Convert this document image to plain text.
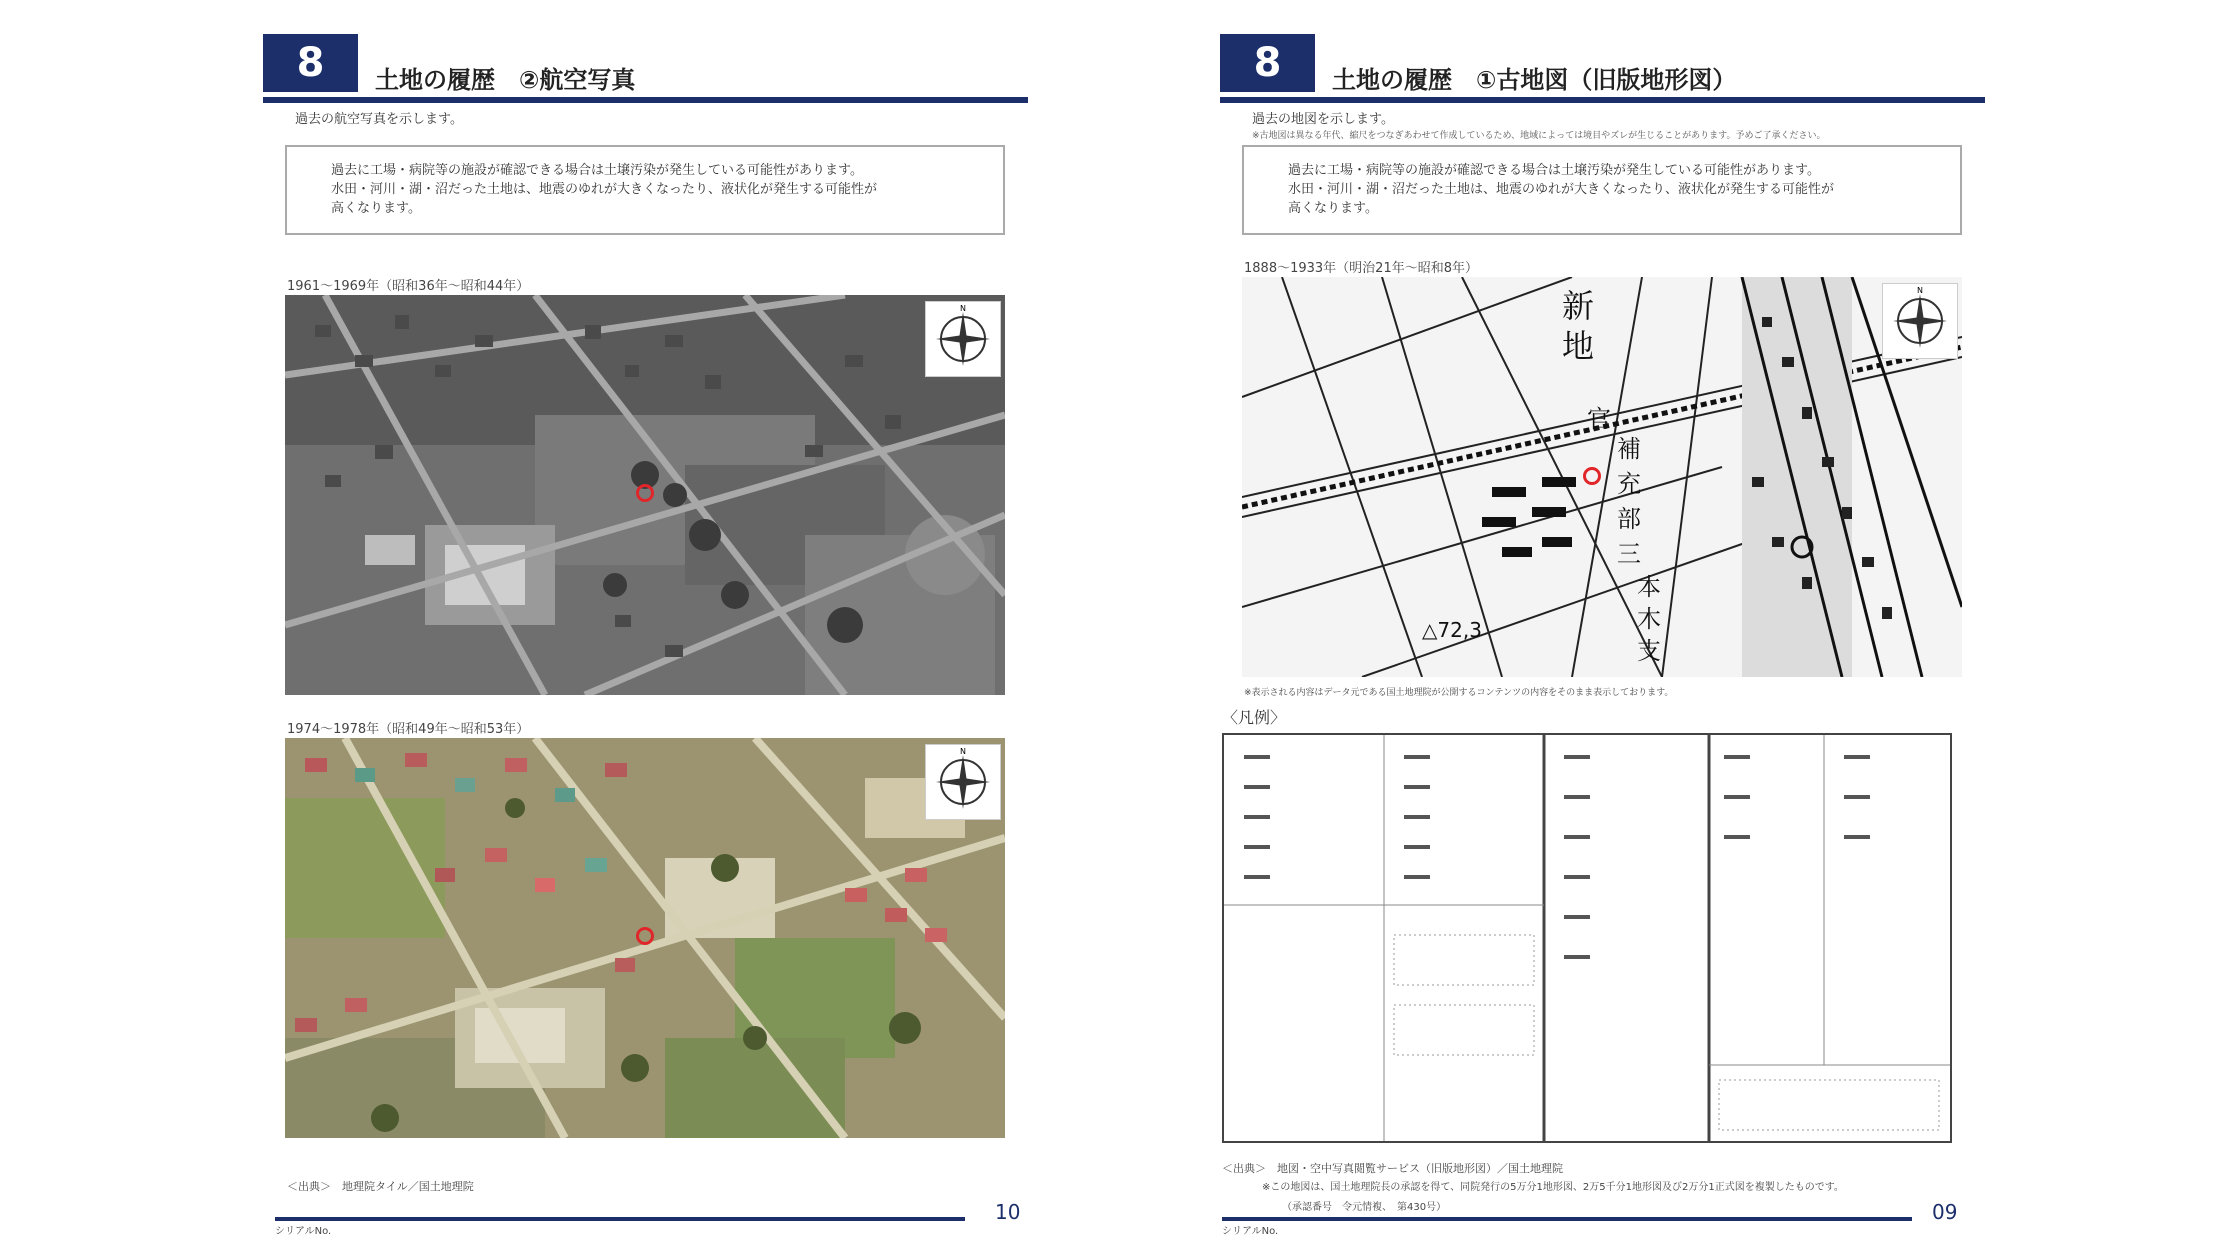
8	土地の履歴　②航空写真
過去の航空写真を示します。
過去に工場・病院等の施設が確認できる場合は土壌汚染が発生している可能性があります。
水田・河川・湖・沼だった土地は、地震のゆれが大きくなったり、液状化が発生する可能性が
高くなります。
1961～1969年（昭和36年～昭和44年）
N
1974～1978年（昭和49年～昭和53年）
N
＜出典＞　地理院タイル／国土地理院
10
シリアルNo.
8	土地の履歴　①古地図（旧版地形図）
過去の地図を示します。
※古地図は異なる年代、縮尺をつなぎあわせて作成しているため、地域によっては境目やズレが生じることがあります。予めご了承ください。
過去に工場・病院等の施設が確認できる場合は土壌汚染が発生している可能性があります。
水田・河川・湖・沼だった土地は、地震のゆれが大きくなったり、液状化が発生する可能性が
高くなります。
1888～1933年（明治21年～昭和8年）
新
地
官
補
充
部
三
本
木
支
△72,3
N
※表示される内容はデータ元である国土地理院が公開するコンテンツの内容をそのまま表示しております。
〈凡例〉
＜出典＞　地図・空中写真閲覧サービス（旧版地形図）／国土地理院
※この地図は、国土地理院長の承認を得て、同院発行の5万分1地形図、2万5千分1地形図及び2万分1正式図を複製したものです。
（承認番号　令元情複、　第430号）	09
シリアルNo.
